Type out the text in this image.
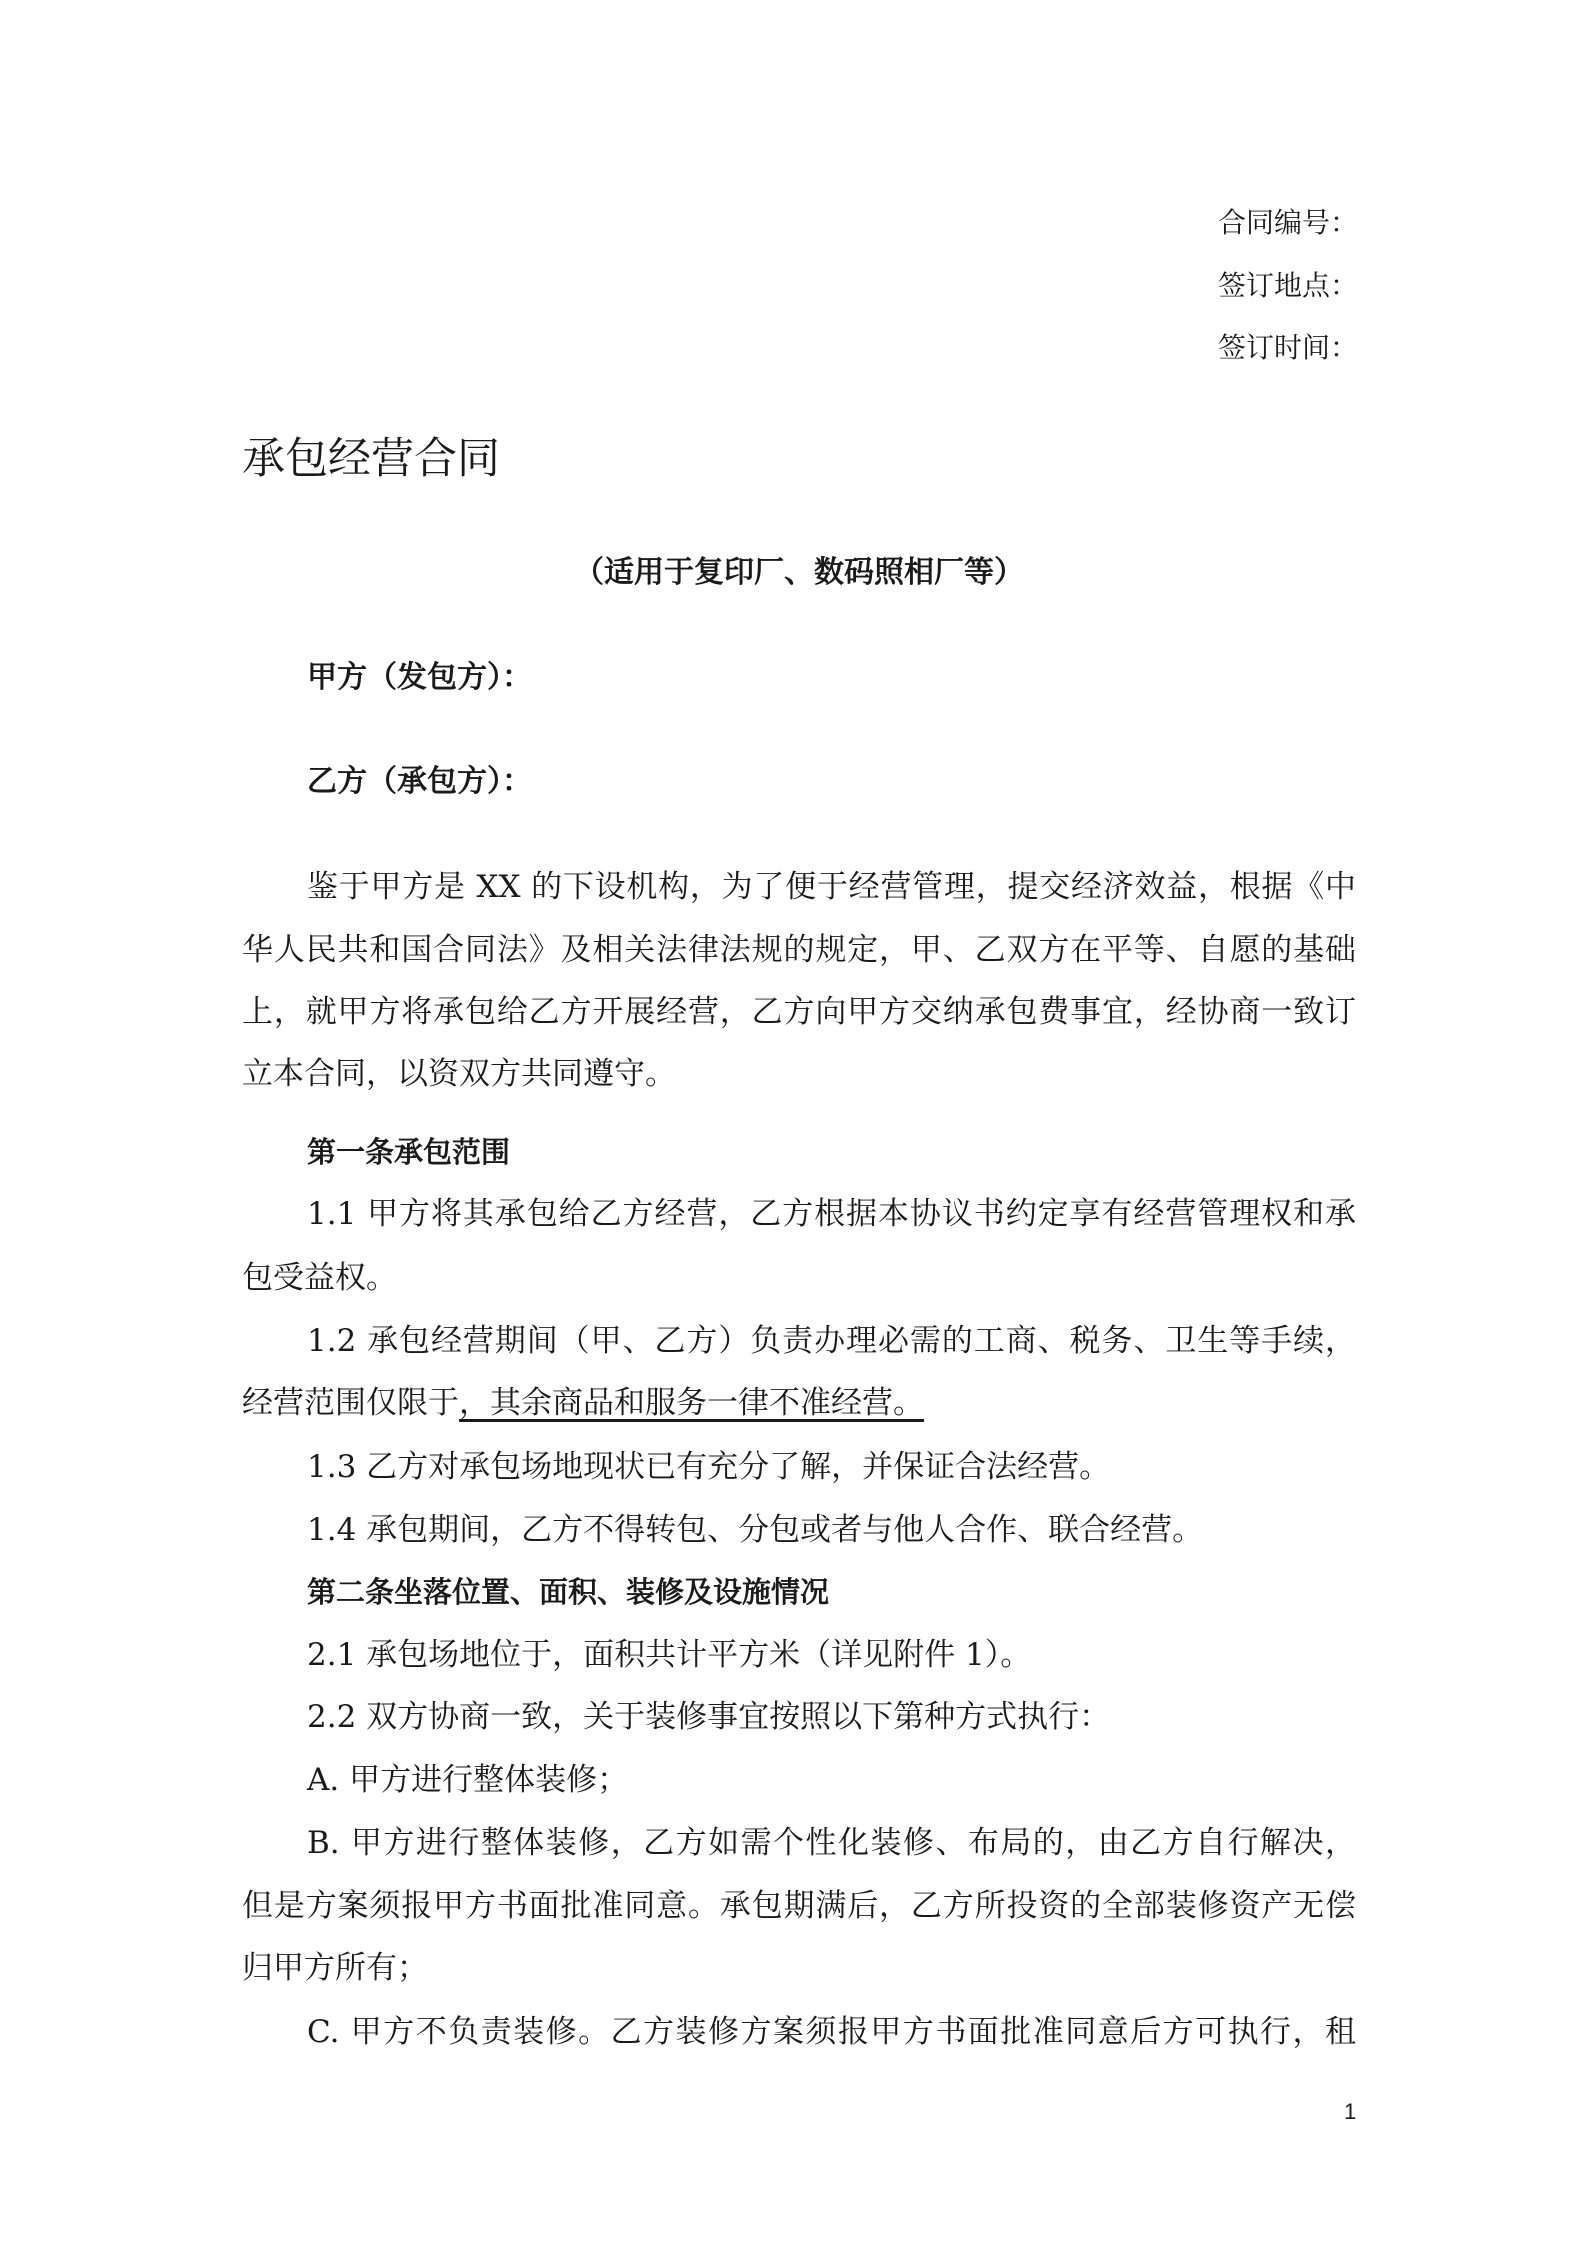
合同编号：
签订地点：
签订时间：
承包经营合同
（适用于复印厂、数码照相厂等）
甲方（发包方）：
乙方（承包方）：
鉴于甲方是 XX 的下设机构，为了便于经营管理，提交经济效益，根据《中
华人民共和国合同法》及相关法律法规的规定，甲、乙双方在平等、自愿的基础
上，就甲方将承包给乙方开展经营，乙方向甲方交纳承包费事宜，经协商一致订
立本合同，以资双方共同遵守。
第一条承包范围
1.1 甲方将其承包给乙方经营，乙方根据本协议书约定享有经营管理权和承
包受益权。
1.2 承包经营期间（甲、乙方）负责办理必需的工商、税务、卫生等手续，
经营范围仅限于，其余商品和服务一律不准经营。
1.3 乙方对承包场地现状已有充分了解，并保证合法经营。
1.4 承包期间，乙方不得转包、分包或者与他人合作、联合经营。
第二条坐落位置、面积、装修及设施情况
2.1 承包场地位于，面积共计平方米（详见附件 1）。
2.2 双方协商一致，关于装修事宜按照以下第种方式执行：
A. 甲方进行整体装修；
B. 甲方进行整体装修，乙方如需个性化装修、布局的，由乙方自行解决，
但是方案须报甲方书面批准同意。承包期满后，乙方所投资的全部装修资产无偿
归甲方所有；
C. 甲方不负责装修。乙方装修方案须报甲方书面批准同意后方可执行，租
1
